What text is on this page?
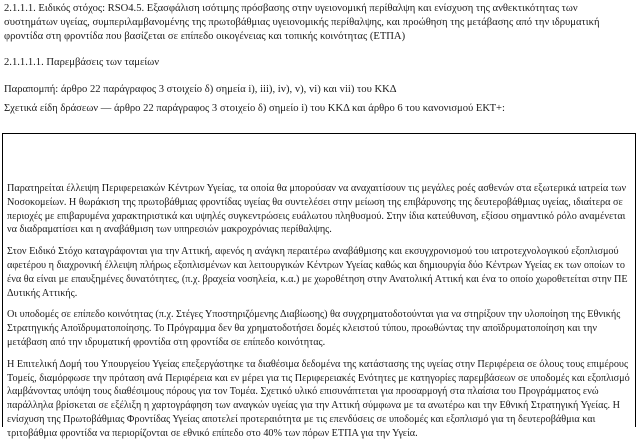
2.1.1.1. Ειδικός στόχος: RSO4.5. Εξασφάλιση ισότιμης πρόσβασης στην υγειονομική περίθαλψη και ενίσχυση της ανθεκτικότητας των συστημάτων υγείας, συμπεριλαμβανομένης της πρωτοβάθμιας υγειονομικής περίθαλψης, και προώθηση της μετάβασης από την ιδρυματική φροντίδα στη φροντίδα που βασίζεται σε επίπεδο οικογένειας και τοπικής κοινότητας (ΕΤΠΑ)

2.1.1.1.1. Παρεμβάσεις των ταμείων

Παραπομπή: άρθρο 22 παράγραφος 3 στοιχείο δ) σημεία i), iii), iv), v), vi) και vii) του ΚΚΔ

Σχετικά είδη δράσεων — άρθρο 22 παράγραφος 3 στοιχείο δ) σημείο i) του ΚΚΔ και άρθρο 6 του κανονισμού ΕΚΤ+:

Παρατηρείται έλλειψη Περιφερειακών Κέντρων Υγείας, τα οποία θα μπορούσαν να αναχαιτίσουν τις μεγάλες ροές ασθενών στα εξωτερικά ιατρεία των Νοσοκομείων. Η θωράκιση της πρωτοβάθμιας φροντίδας υγείας θα συντελέσει στην μείωση της επιβάρυνσης της δευτεροβάθμιας υγείας, ιδιαίτερα σε περιοχές με επιβαρυμένα χαρακτηριστικά και υψηλές συγκεντρώσεις ευάλωτου πληθυσμού. Στην ίδια κατεύθυνση, εξίσου σημαντικό ρόλο αναμένεται να διαδραματίσει και η αναβάθμιση των υπηρεσιών μακροχρόνιας περίθαλψης.

Στον Ειδικό Στόχο καταγράφονται για την Αττική, αφενός η ανάγκη περαιτέρω αναβάθμισης και εκσυγχρονισμού του ιατροτεχνολογικού εξοπλισμού αφετέρου η διαχρονική έλλειψη πλήρως εξοπλισμένων και λειτουργικών Κέντρων Υγείας καθώς και δημιουργία δύο Κέντρων Υγείας εκ των οποίων το ένα θα είναι με επαυξημένες δυνατότητες, (π.χ. βραχεία νοσηλεία, κ.α.) με χωροθέτηση στην Ανατολική Αττική και ένα το οποίο χωροθετείται στην ΠΕ Δυτικής Αττικής.

Οι υποδομές σε επίπεδο κοινότητας (π.χ. Στέγες Υποστηριζόμενης Διαβίωσης) θα συγχρηματοδοτούνται για να στηρίξουν την υλοποίηση της Εθνικής Στρατηγικής Αποϊδρυματοποίησης. Το Πρόγραμμα δεν θα χρηματοδοτήσει δομές κλειστού τύπου, προωθώντας την αποϊδρυματοποίηση και την μετάβαση από την ιδρυματική φροντίδα στη φροντίδα σε επίπεδο κοινότητας.

Η Επιτελική Δομή του Υπουργείου Υγείας επεξεργάστηκε τα διαθέσιμα δεδομένα της κατάστασης της υγείας στην Περιφέρεια σε όλους τους επιμέρους Τομείς, διαμόρφωσε την πρόταση ανά Περιφέρεια και εν μέρει για τις Περιφερειακές Ενότητες με κατηγορίες παρεμβάσεων σε υποδομές και εξοπλισμό λαμβάνοντας υπόψη τους διαθέσιμους πόρους για τον Τομέα. Σχετικό υλικό επισυνάπτεται για προσαρμογή στα πλαίσια του Προγράμματος ενώ παράλληλα βρίσκεται σε εξέλιξη η χαρτογράφηση των αναγκών υγείας για την Αττική σύμφωνα με τα ανωτέρω και την Εθνική Στρατηγική Υγείας. Η ενίσχυση της Πρωτοβάθμιας Φροντίδας Υγείας αποτελεί προτεραιότητα με τις επενδύσεις σε υποδομές και εξοπλισμό για τη δευτεροβάθμια και τριτοβάθμια φροντίδα να περιορίζονται σε εθνικό επίπεδο στο 40% των πόρων ΕΤΠΑ για την Υγεία.
